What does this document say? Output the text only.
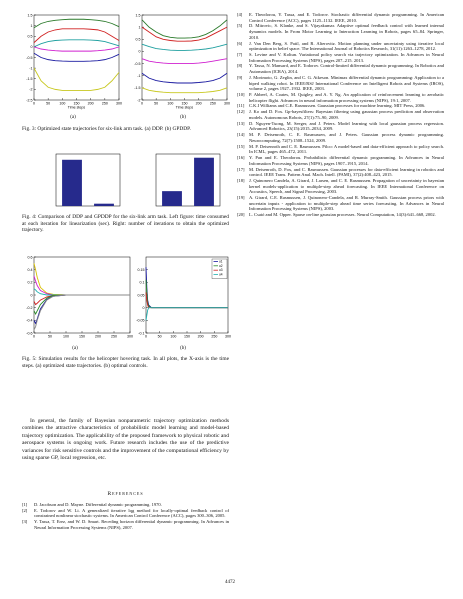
1.5
1
0.5
0
-0.5
-1
-1.5
-2
-2.5
0	50	100 150 200 250 300
Time steps
1.5
1
0.5
0
-0.5
-1
-1.5
-2
0	50	100 150 200 250 300
Time steps
(a)	(b)
Fig. 3: Optimized state trajectories for six-link arm task. (a) DDP. (b) GPDDP.
Fig. 4: Comparison of DDP and GPDDP for the six-link arm task. Left figure: time consumed at each iteration for linearization (sec). Right: number of iterations to obtain the optimized trajectory.
0.6
0.4
0.2
0
-0.2
-0.4
-0.6
0	50	100	150	200	250	300
0.15
0.1
0.05
0
-0.05
-0.1
0	50 100 150 200 250 300
u1
u2
u3
u4
(a)	(b)
Fig. 5: Simulation results for the helicopter hovering task. In all plots, the X-axis is the time steps. (a) optimized state trajectories. (b) optimal controls.
In general, the family of Bayesian nonparametric trajectory optimization methods combines the attractive characteristics of probabilistic model learning and model-based trajectory optimization. The applicability of the proposed framework to physical robotic and aerospace systems is ongoing work. Future research includes the use of the predictive variances for risk sensitive controls and the improvement of the computational efficiency by using sparse GP, local regression, etc.
References
[1]	D. Jacobson and D. Mayne. Differential dynamic programming. 1970.
[2]	E. Todorov and W. Li. A generalized iterative lqg method for locally-optimal feedback control of constrained nonlinear stochastic systems. In American Control Conference (ACC), pages 300–306, 2005.
[3]	Y. Tassa, T. Erez, and W. D. Smart. Receding horizon differential dynamic programming. In Advances in Neural Information Processing Systems (NIPS), 2007.
[4]	E. Theodorou, Y. Tassa, and E. Todorov. Stochastic differential dynamic programming. In American Control Conference (ACC), pages 1125–1132. IEEE, 2010.
[5]	D. Mitrovic, S. Klanke, and S. Vijayakumar. Adaptive optimal feedback control with learned internal dynamics models. In From Motor Learning to Interaction Learning in Robots, pages 65–84. Springer, 2010.
[6]	J. Van Den Berg, S. Patil, and R. Alterovitz. Motion planning under uncertainty using iterative local optimization in belief space. The International Journal of Robotics Research, 31(11):1263–1278, 2012.
[7]	S. Levine and V. Koltun. Variational policy search via trajectory optimization. In Advances in Neural Information Processing Systems (NIPS), pages 207–215. 2013.
[8]	Y. Tassa, N. Mansard, and E. Todorov. Control-limited differential dynamic programming. In Robotics and Automation (ICRA), 2014.
[9]	J. Morimoto, G. Zeglin, and C. G. Atkeson. Minimax differential dynamic programming: Application to a biped walking robot. In IEEE/RSJ International Conference on Intelligent Robots and Systems (IROS), volume 2, pages 1927–1932. IEEE, 2003.
[10] P. Abbeel, A. Coates, M. Quigley, and A. Y. Ng. An application of reinforcement learning to aerobatic helicopter flight. Advances in neural information processing systems (NIPS), 19:1, 2007.
[11]	C.K.I Williams and C.E. Rasmussen. Gaussian processes for machine learning. MIT Press, 2006.
[12] J. Ko and D. Fox. Gp-bayesfilters: Bayesian filtering using gaussian process prediction and observation models. Autonomous Robots, 27(1):75–90, 2009.
[13] D. Nguyen-Tuong, M. Seeger, and J. Peters. Model learning with local gaussian process regression. Advanced Robotics, 23(15):2015–2034, 2009.
[14] M. P. Deisenroth, C. E. Rasmussen, and J. Peters. Gaussian process dynamic programming. Neurocomputing, 72(7):1508–1524, 2009.
[15] M. P. Deisenroth and C. E. Rasmussen. Pilco: A model-based and data-efficient approach to policy search. In ICML, pages 465–472, 2011.
[16] Y. Pan and E. Theodorou. Probabilistic differential dynamic programming. In Advances in Neural Information Processing Systems (NIPS), pages 1907–1915, 2014.
[17] M. Deisenroth, D. Fox, and C. Rasmussen. Gaussian processes for data-efficient learning in robotics and control. IEEE Trans. Pattern Anal. Mach. Intell. (PAMI), 37(2):408–423, 2015.
[18] J. Quinonero Candela, A. Girard, J. Larsen, and C. E. Rasmussen. Propagation of uncertainty in bayesian kernel models-application to multiple-step ahead forecasting. In IEEE International Conference on Acoustics, Speech, and Signal Processing, 2003.
[19] A. Girard, C.E. Rasmussen, J. Quinonero-Candela, and R. Murray-Smith. Gaussian process priors with uncertain inputs - application to multiple-step ahead time series forecasting. In Advances in Neural Information Processing Systems (NIPS), 2003.
[20] L. Csató and M. Opper. Sparse on-line gaussian processes. Neural Computation, 14(3):641–668, 2002.
4472
